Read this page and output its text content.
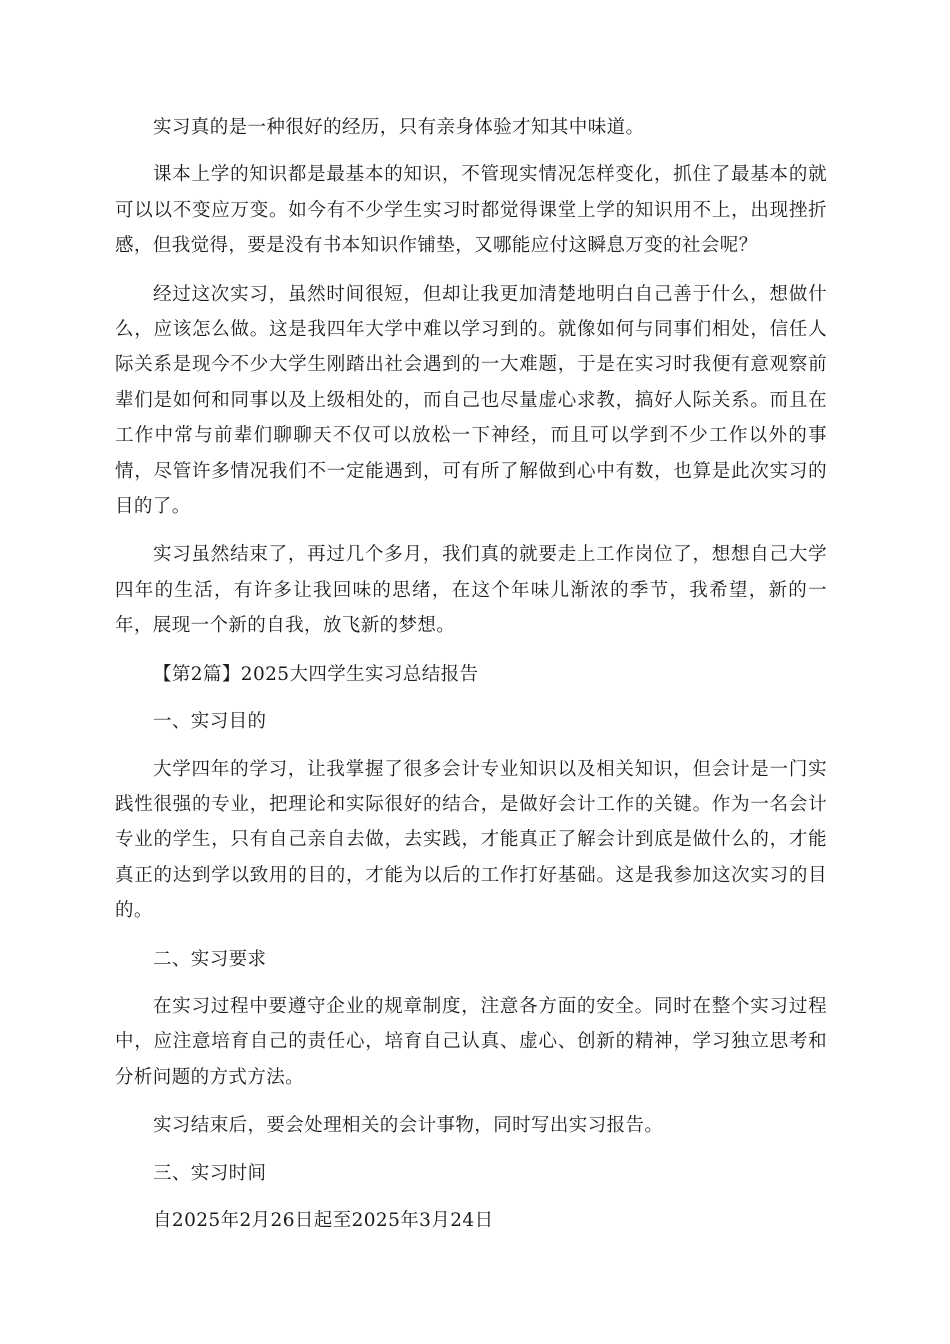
实习真的是一种很好的经历，只有亲身体验才知其中味道。

课本上学的知识都是最基本的知识，不管现实情况怎样变化，抓住了最基本的就可以以不变应万变。如今有不少学生实习时都觉得课堂上学的知识用不上，出现挫折感，但我觉得，要是没有书本知识作铺垫，又哪能应付这瞬息万变的社会呢？

经过这次实习，虽然时间很短，但却让我更加清楚地明白自己善于什么，想做什么，应该怎么做。这是我四年大学中难以学习到的。就像如何与同事们相处，信任人际关系是现今不少大学生刚踏出社会遇到的一大难题，于是在实习时我便有意观察前辈们是如何和同事以及上级相处的，而自己也尽量虚心求教，搞好人际关系。而且在工作中常与前辈们聊聊天不仅可以放松一下神经，而且可以学到不少工作以外的事情，尽管许多情况我们不一定能遇到，可有所了解做到心中有数，也算是此次实习的目的了。

实习虽然结束了，再过几个多月，我们真的就要走上工作岗位了，想想自己大学四年的生活，有许多让我回味的思绪，在这个年味儿渐浓的季节，我希望，新的一年，展现一个新的自我，放飞新的梦想。

【第2篇】2025大四学生实习总结报告

一、实习目的

大学四年的学习，让我掌握了很多会计专业知识以及相关知识，但会计是一门实践性很强的专业，把理论和实际很好的结合，是做好会计工作的关键。作为一名会计专业的学生，只有自己亲自去做，去实践，才能真正了解会计到底是做什么的，才能真正的达到学以致用的目的，才能为以后的工作打好基础。这是我参加这次实习的目的。

二、实习要求

在实习过程中要遵守企业的规章制度，注意各方面的安全。同时在整个实习过程中，应注意培育自己的责任心，培育自己认真、虚心、创新的精神，学习独立思考和分析问题的方式方法。

实习结束后，要会处理相关的会计事物，同时写出实习报告。

三、实习时间

自2025年2月26日起至2025年3月24日
